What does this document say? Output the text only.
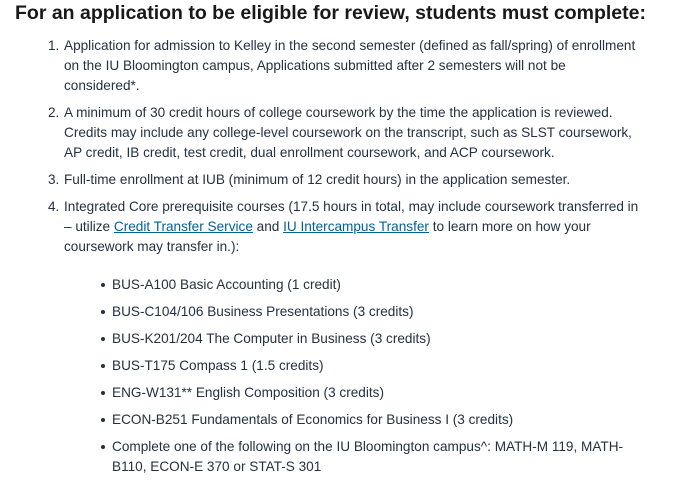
For an application to be eligible for review, students must complete:
1. Application for admission to Kelley in the second semester (defined as fall/spring) of enrollment on the IU Bloomington campus, Applications submitted after 2 semesters will not be considered*.
2. A minimum of 30 credit hours of college coursework by the time the application is reviewed. Credits may include any college-level coursework on the transcript, such as SLST coursework, AP credit, IB credit, test credit, dual enrollment coursework, and ACP coursework.
3. Full-time enrollment at IUB (minimum of 12 credit hours) in the application semester.
4. Integrated Core prerequisite courses (17.5 hours in total, may include coursework transferred in – utilize Credit Transfer Service and IU Intercampus Transfer to learn more on how your coursework may transfer in.):
BUS-A100 Basic Accounting (1 credit)
BUS-C104/106 Business Presentations (3 credits)
BUS-K201/204 The Computer in Business (3 credits)
BUS-T175 Compass 1 (1.5 credits)
ENG-W131** English Composition (3 credits)
ECON-B251 Fundamentals of Economics for Business I (3 credits)
Complete one of the following on the IU Bloomington campus^: MATH-M 119, MATH-B110, ECON-E 370 or STAT-S 301
